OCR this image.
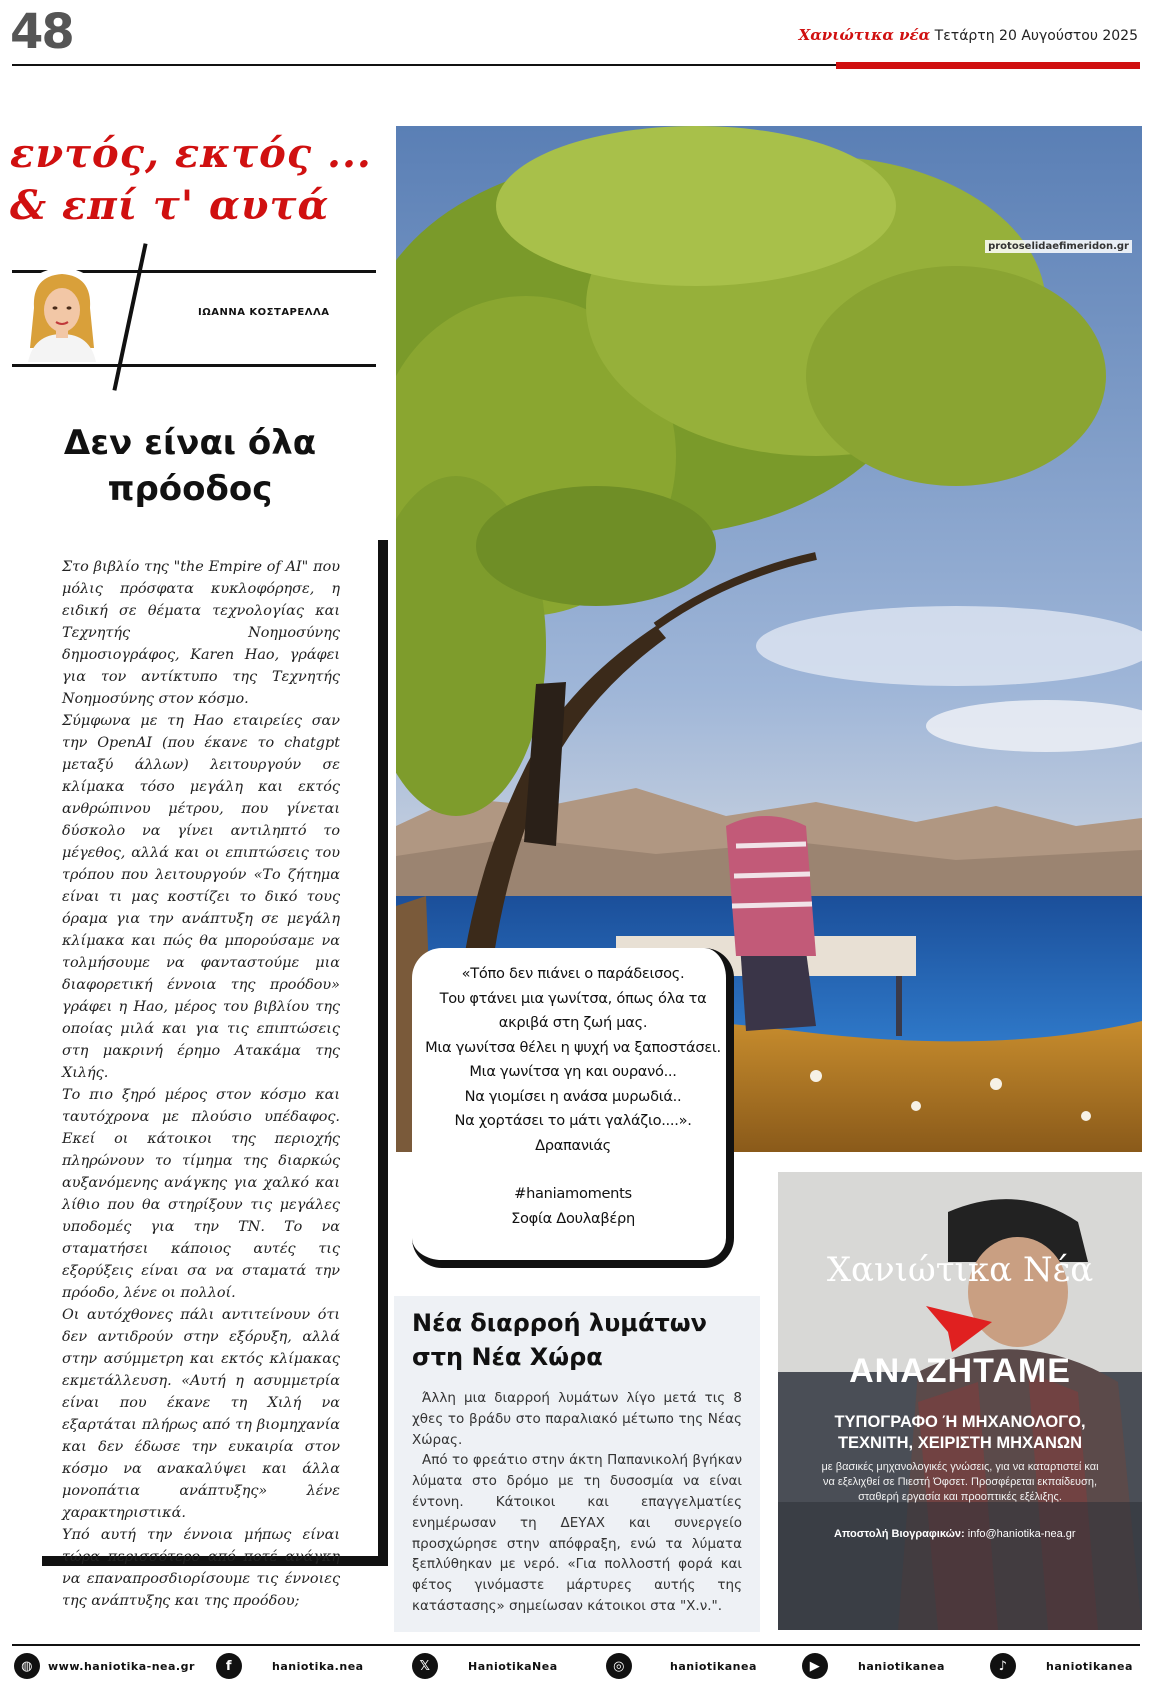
48	Χανιώτικα νέα Τετάρτη 20 Αυγούστου 2025
εντός, εκτός ...
& επί τ' αυτά
ΙΩΑΝΝΑ ΚΟΣΤΑΡΕΛΛΑ
Δεν είναι όλα
πρόοδος

Στο βιβλίο της "the Empire of AI" που μόλις πρόσφατα κυκλοφόρησε, η ειδική σε θέματα τεχνολογίας και Τεχνητής Νοημοσύνης δημοσιογράφος, Karen Hao, γράφει για τον αντίκτυπο της Τεχνητής Νοημοσύνης στον κόσμο.

Σύμφωνα με τη Hao εταιρείες σαν την OpenAI (που έκανε το chatgpt μεταξύ άλλων) λειτουργούν σε κλίμακα τόσο μεγάλη και εκτός ανθρώπινου μέτρου, που γίνεται δύσκολο να γίνει αντιληπτό το μέγεθος, αλλά και οι επιπτώσεις του τρόπου που λειτουργούν «Το ζήτημα είναι τι μας κοστίζει το δικό τους όραμα για την ανάπτυξη σε μεγάλη κλίμακα και πώς θα μπορούσαμε να τολμήσουμε να φανταστούμε μια διαφορετική έννοια της προόδου» γράφει η Hao, μέρος του βιβλίου της οποίας μιλά και για τις επιπτώσεις στη μακρινή έρημο Ατακάμα της Χιλής.

Το πιο ξηρό μέρος στον κόσμο και ταυτόχρονα με πλούσιο υπέδαφος. Εκεί οι κάτοικοι της περιοχής πληρώνουν το τίμημα της διαρκώς αυξανόμενης ανάγκης για χαλκό και λίθιο που θα στηρίξουν τις μεγάλες υποδομές για την ΤΝ. Το να σταματήσει κάποιος αυτές τις εξορύξεις είναι σα να σταματά την πρόοδο, λένε οι πολλοί.

Οι αυτόχθονες πάλι αντιτείνουν ότι δεν αντιδρούν στην εξόρυξη, αλλά στην ασύμμετρη και εκτός κλίμακας εκμετάλλευση. «Αυτή η ασυμμετρία είναι που έκανε τη Χιλή να εξαρτάται πλήρως από τη βιομηχανία και δεν έδωσε την ευκαιρία στον κόσμο να ανακαλύψει και άλλα μονοπάτια ανάπτυξης» λένε χαρακτηριστικά.

Υπό αυτή την έννοια μήπως είναι τώρα περισσότερο από ποτέ ανάγκη να επαναπροσδιορίσουμε τις έννοιες της ανάπτυξης και της προόδου;

protoselidaefimeridon.gr
«Τόπο δεν πιάνει ο παράδεισος.
Του φτάνει μια γωνίτσα, όπως όλα τα
ακριβά στη ζωή μας.
Μια γωνίτσα θέλει η ψυχή να ξαποστάσει.
Μια γωνίτσα γη και ουρανό...
Να γιομίσει η ανάσα μυρωδιά..
Να χορτάσει το μάτι γαλάζιο....».
Δραπανιάς
#haniamoments
Σοφία Δουλαβέρη
Νέα διαρροή λυμάτων
στη Νέα Χώρα

Άλλη μια διαρροή λυμάτων λίγο μετά τις 8 χθες το βράδυ στο παραλιακό μέτωπο της Νέας Χώρας.

Από το φρεάτιο στην άκτη Παπανικολή βγήκαν λύματα στο δρόμο με τη δυσοσμία να είναι έντονη. Κάτοικοι και επαγγελματίες ενημέρωσαν τη ΔΕΥΑΧ και συνεργείο προσχώρησε στην απόφραξη, ενώ τα λύματα ξεπλύθηκαν με νερό. «Για πολλοστή φορά και φέτος γινόμαστε μάρτυρες αυτής της κατάστασης» σημείωσαν κάτοικοι στα "Χ.ν.".

Χανιώτικα Νέα
ΑΝΑΖΗΤΑΜΕ
ΤΥΠΟΓΡΑΦΟ Ή ΜΗΧΑΝΟΛΟΓΟ,
ΤΕΧΝΙΤΗ, ΧΕΙΡΙΣΤΗ ΜΗΧΑΝΩΝ
με βασικές μηχανολογικές γνώσεις, για να καταρτιστεί και να εξελιχθεί σε Πιεστή Όφσετ. Προσφέρεται εκπαίδευση, σταθερή εργασία και προοπτικές εξέλιξης.
Αποστολή Βιογραφικών: info@haniotika-nea.gr
◍	www.haniotika-nea.gr	f	haniotika.nea	𝕏	HaniotikaNea	◎	haniotikanea	▶	haniotikanea	♪	haniotikanea
